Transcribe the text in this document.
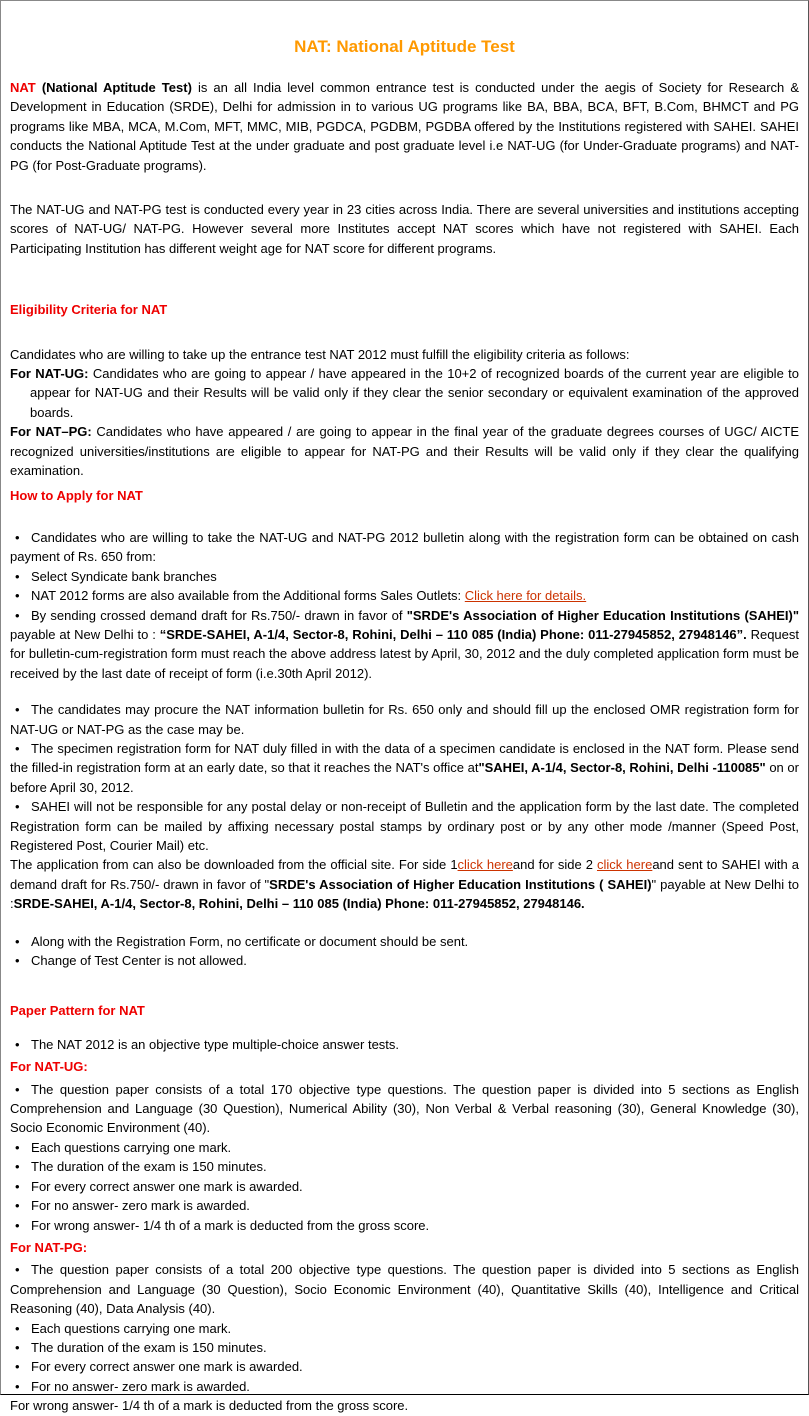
NAT: National Aptitude Test

NAT (National Aptitude Test) is an all India level common entrance test is conducted under the aegis of Society for Research & Development in Education (SRDE), Delhi for admission in to various UG programs like BA, BBA, BCA, BFT, B.Com, BHMCT and PG programs like MBA, MCA, M.Com, MFT, MMC, MIB, PGDCA, PGDBM, PGDBA offered by the Institutions registered with SAHEI. SAHEI conducts the National Aptitude Test at the under graduate and post graduate level i.e NAT-UG (for Under-Graduate programs) and NAT-PG (for Post-Graduate programs).

The NAT-UG and NAT-PG test is conducted every year in 23 cities across India. There are several universities and institutions accepting scores of NAT-UG/ NAT-PG. However several more Institutes accept NAT scores which have not registered with SAHEI. Each Participating Institution has different weight age for NAT score for different programs.

Eligibility Criteria for NAT

Candidates who are willing to take up the entrance test NAT 2012 must fulfill the eligibility criteria as follows:

For NAT-UG: Candidates who are going to appear / have appeared in the 10+2 of recognized boards of the current year are eligible to appear for NAT-UG and their Results will be valid only if they clear the senior secondary or equivalent examination of the approved boards.

For NAT–PG: Candidates who have appeared / are going to appear in the final year of the graduate degrees courses of UGC/ AICTE recognized universities/institutions are eligible to appear for NAT-PG and their Results will be valid only if they clear the qualifying examination.

How to Apply for NAT

• Candidates who are willing to take the NAT-UG and NAT-PG 2012 bulletin along with the registration form can be obtained on cash payment of Rs. 650 from:

• Select Syndicate bank branches

• NAT 2012 forms are also available from the Additional forms Sales Outlets: Click here for details.

• By sending crossed demand draft for Rs.750/- drawn in favor of "SRDE's Association of Higher Education Institutions (SAHEI)" payable at New Delhi to : “SRDE-SAHEI, A-1/4, Sector-8, Rohini, Delhi – 110 085 (India) Phone: 011-27945852, 27948146”. Request for bulletin-cum-registration form must reach the above address latest by April, 30, 2012 and the duly completed application form must be received by the last date of receipt of form (i.e.30th April 2012).

• The candidates may procure the NAT information bulletin for Rs. 650 only and should fill up the enclosed OMR registration form for NAT-UG or NAT-PG as the case may be.

• The specimen registration form for NAT duly filled in with the data of a specimen candidate is enclosed in the NAT form. Please send the filled-in registration form at an early date, so that it reaches the NAT's office at"SAHEI, A-1/4, Sector-8, Rohini, Delhi -110085" on or before April 30, 2012.

• SAHEI will not be responsible for any postal delay or non-receipt of Bulletin and the application form by the last date. The completed Registration form can be mailed by affixing necessary postal stamps by ordinary post or by any other mode /manner (Speed Post, Registered Post, Courier Mail) etc.

The application from can also be downloaded from the official site. For side 1click hereand for side 2 click hereand sent to SAHEI with a demand draft for Rs.750/- drawn in favor of "SRDE's Association of Higher Education Institutions ( SAHEI)" payable at New Delhi to :SRDE-SAHEI, A-1/4, Sector-8, Rohini, Delhi – 110 085 (India) Phone: 011-27945852, 27948146.

• Along with the Registration Form, no certificate or document should be sent.

• Change of Test Center is not allowed.

Paper Pattern for NAT

• The NAT 2012 is an objective type multiple-choice answer tests.

For NAT-UG:

• The question paper consists of a total 170 objective type questions. The question paper is divided into 5 sections as English Comprehension and Language (30 Question), Numerical Ability (30), Non Verbal & Verbal reasoning (30), General Knowledge (30), Socio Economic Environment (40).

• Each questions carrying one mark.

• The duration of the exam is 150 minutes.

• For every correct answer one mark is awarded.

• For no answer- zero mark is awarded.

• For wrong answer- 1/4 th of a mark is deducted from the gross score.

For NAT-PG:

• The question paper consists of a total 200 objective type questions. The question paper is divided into 5 sections as English Comprehension and Language (30 Question), Socio Economic Environment (40), Quantitative Skills (40), Intelligence and Critical Reasoning (40), Data Analysis (40).

• Each questions carrying one mark.

• The duration of the exam is 150 minutes.

• For every correct answer one mark is awarded.

• For no answer- zero mark is awarded.

For wrong answer- 1/4 th of a mark is deducted from the gross score.
